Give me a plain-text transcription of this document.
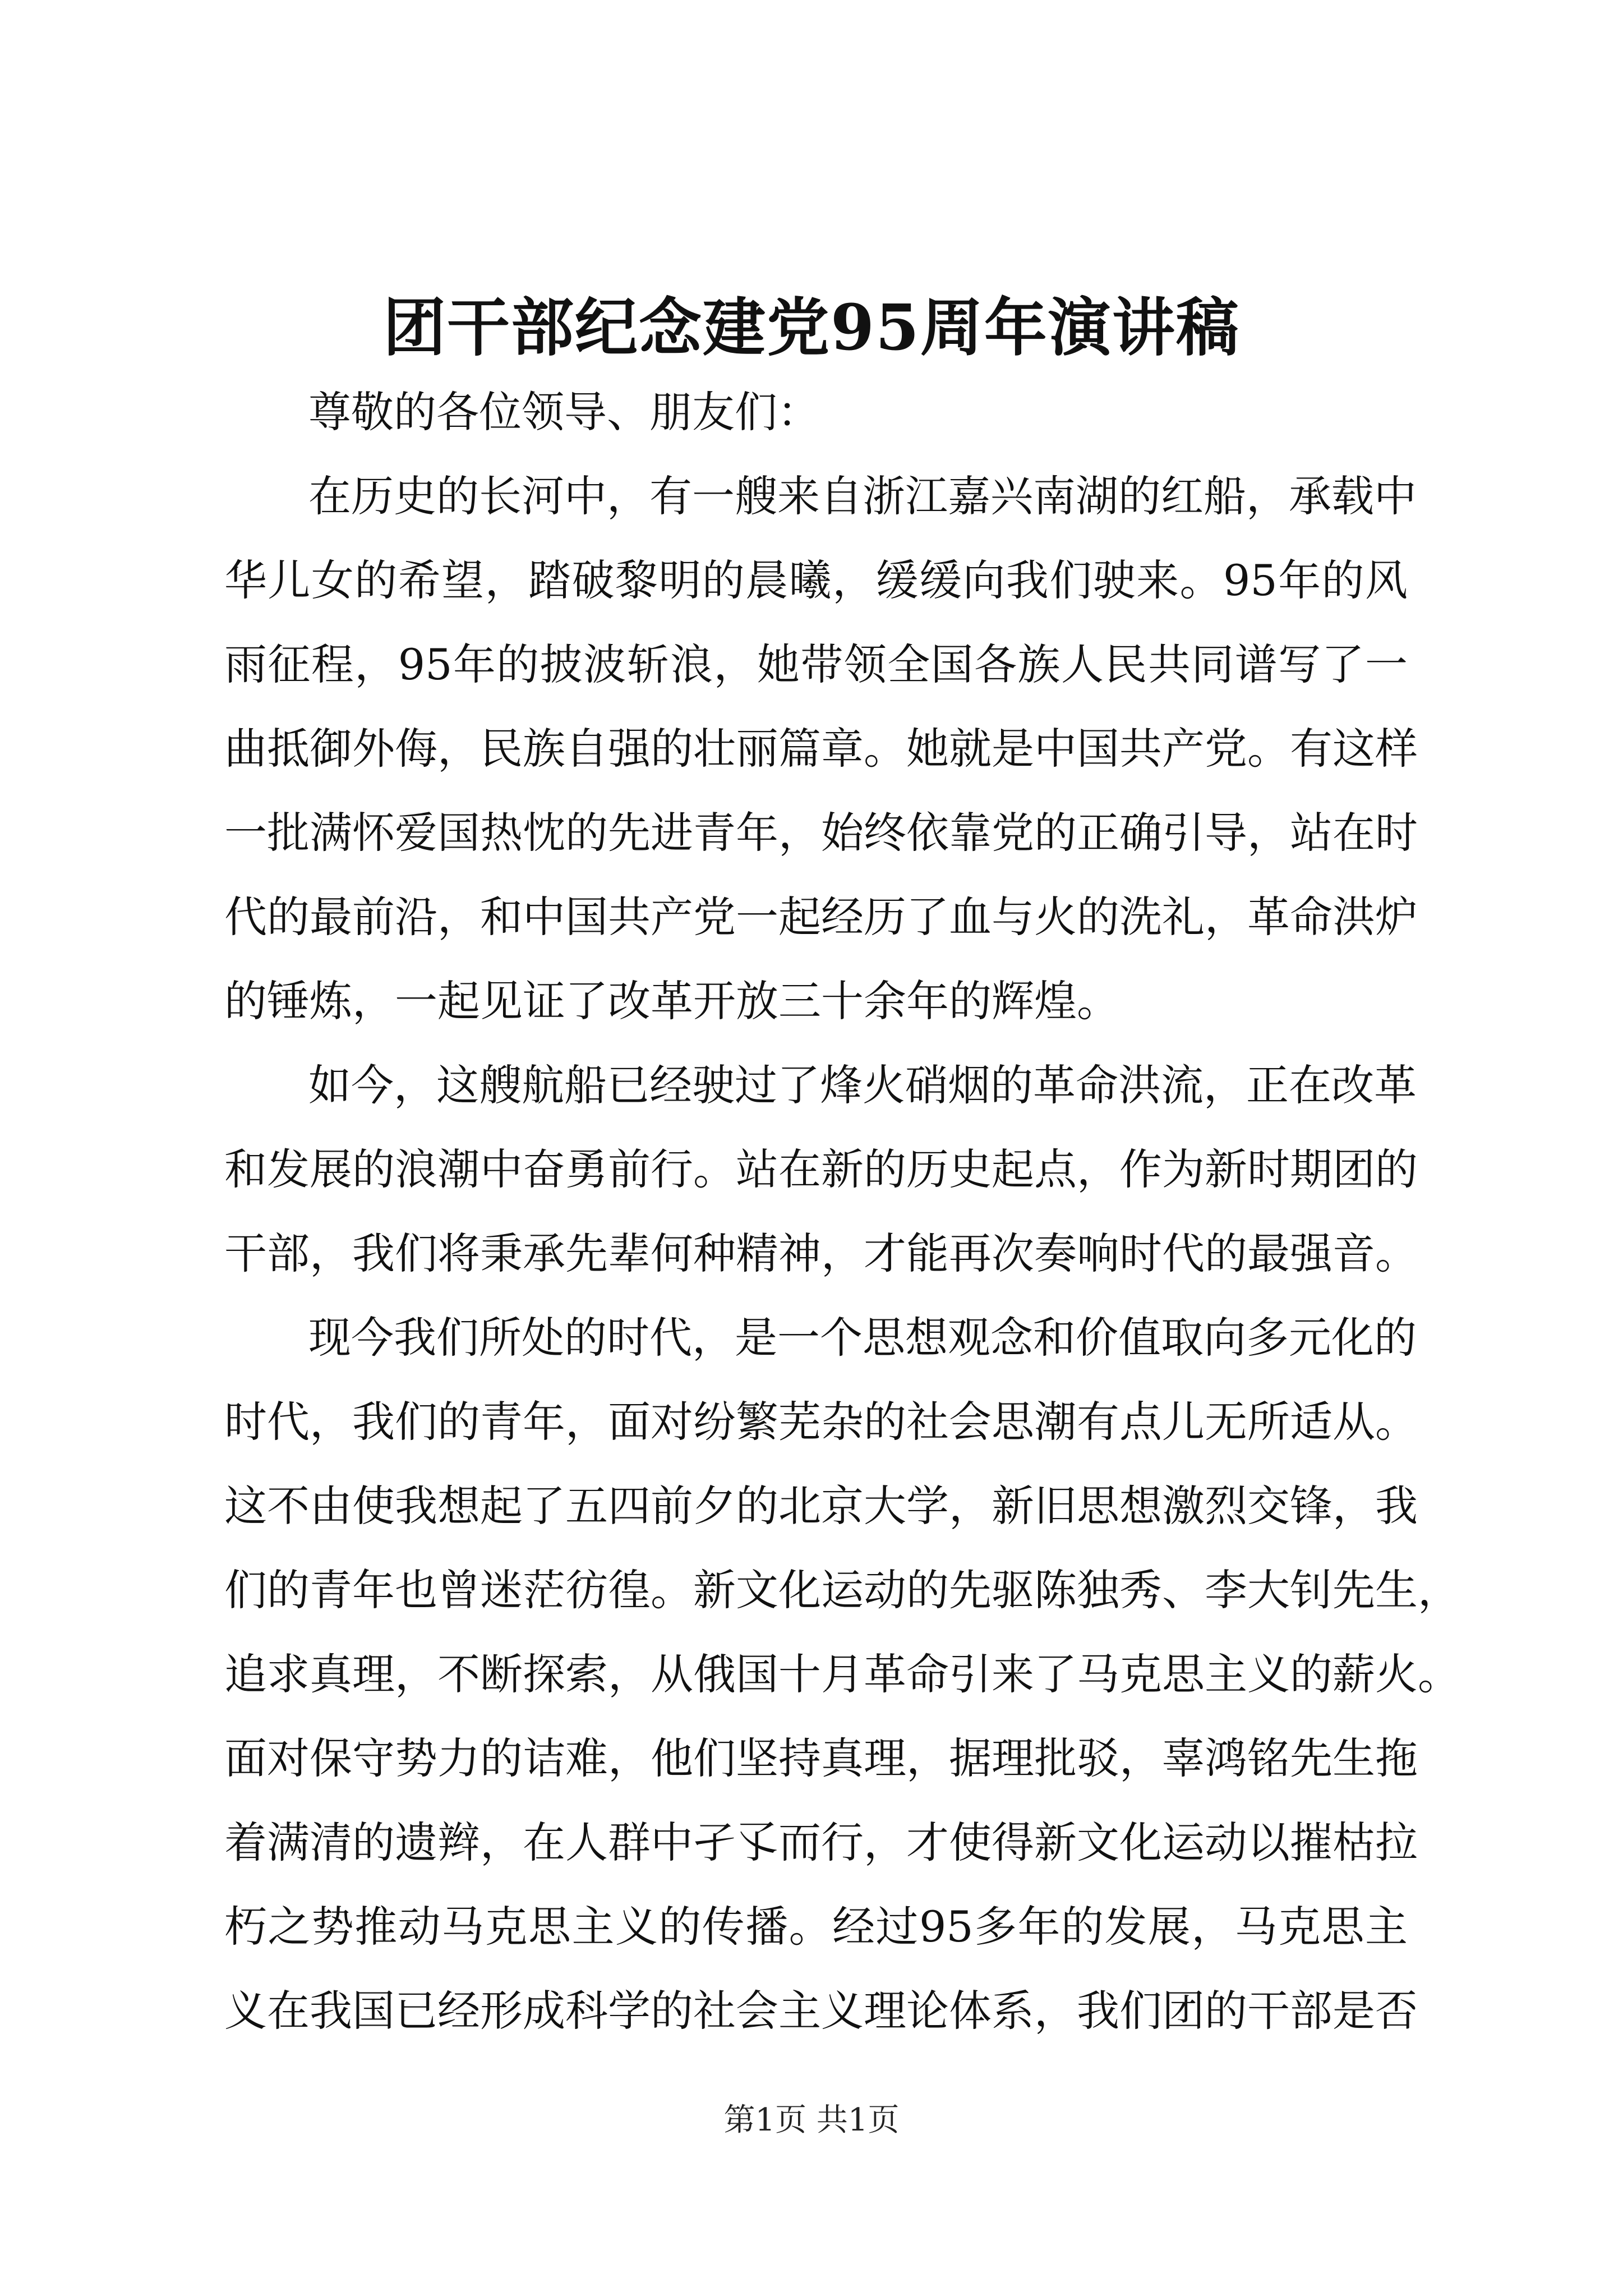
团干部纪念建党95周年演讲稿

尊敬的各位领导、朋友们：

在历史的长河中，有一艘来自浙江嘉兴南湖的红船，承载中

华儿女的希望，踏破黎明的晨曦，缓缓向我们驶来。95年的风

雨征程，95年的披波斩浪，她带领全国各族人民共同谱写了一

曲抵御外侮，民族自强的壮丽篇章。她就是中国共产党。有这样

一批满怀爱国热忱的先进青年，始终依靠党的正确引导，站在时

代的最前沿，和中国共产党一起经历了血与火的洗礼，革命洪炉

的锤炼，一起见证了改革开放三十余年的辉煌。

如今，这艘航船已经驶过了烽火硝烟的革命洪流，正在改革

和发展的浪潮中奋勇前行。站在新的历史起点，作为新时期团的

干部，我们将秉承先辈何种精神，才能再次奏响时代的最强音。

现今我们所处的时代，是一个思想观念和价值取向多元化的

时代，我们的青年，面对纷繁芜杂的社会思潮有点儿无所适从。

这不由使我想起了五四前夕的北京大学，新旧思想激烈交锋，我

们的青年也曾迷茫彷徨。新文化运动的先驱陈独秀、李大钊先生，

追求真理，不断探索，从俄国十月革命引来了马克思主义的薪火。

面对保守势力的诘难，他们坚持真理，据理批驳，辜鸿铭先生拖

着满清的遗辫，在人群中孑孓而行，才使得新文化运动以摧枯拉

朽之势推动马克思主义的传播。经过95多年的发展，马克思主

义在我国已经形成科学的社会主义理论体系，我们团的干部是否

第1页 共1页
